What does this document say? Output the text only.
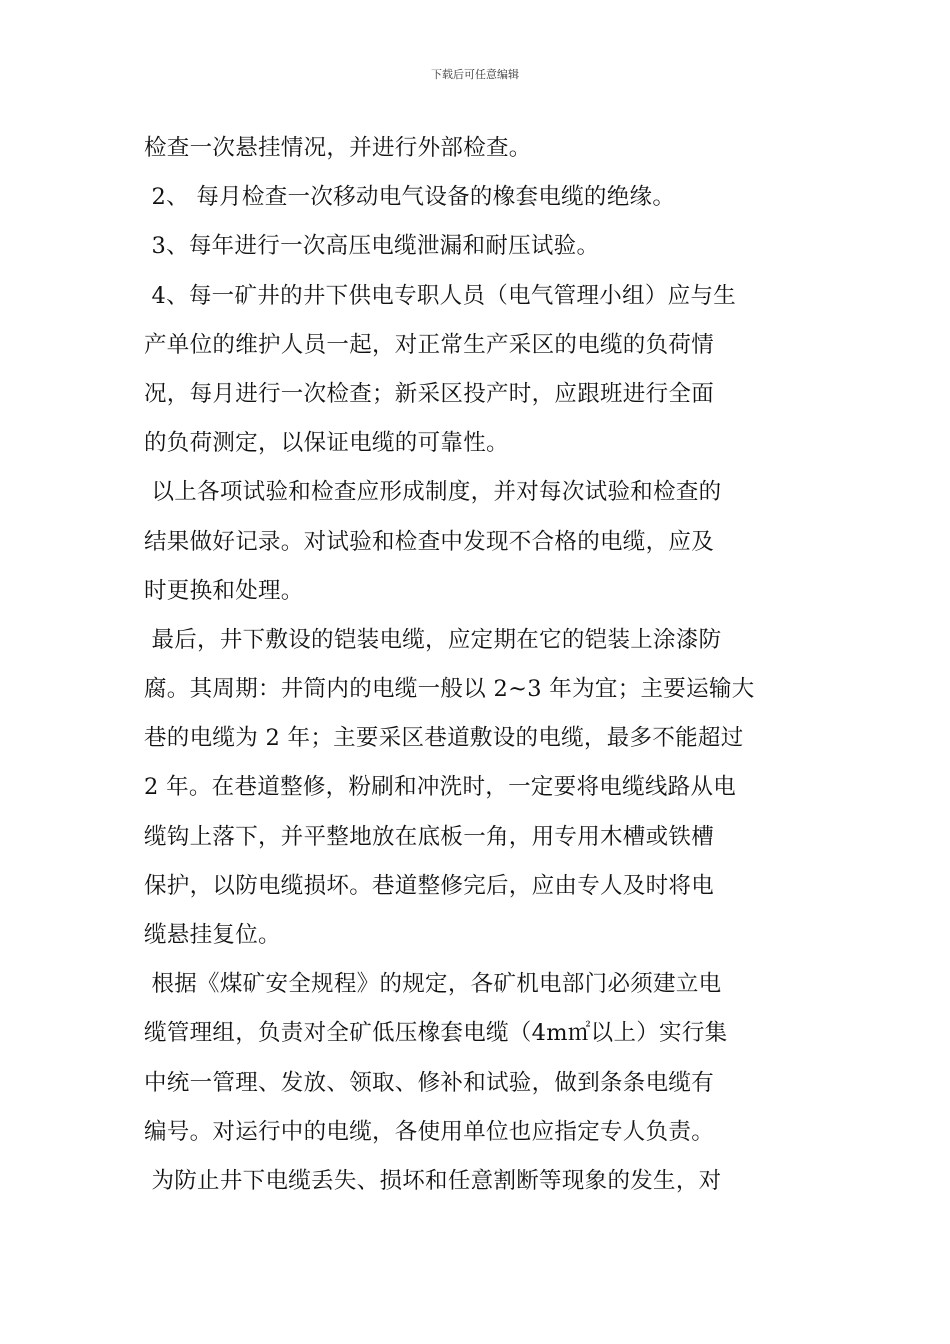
下载后可任意编辑
检查一次悬挂情况，并进行外部检查。
2、 每月检查一次移动电气设备的橡套电缆的绝缘。
3、每年进行一次高压电缆泄漏和耐压试验。
4、每一矿井的井下供电专职人员（电气管理小组）应与生
产单位的维护人员一起，对正常生产采区的电缆的负荷情
况，每月进行一次检查；新采区投产时，应跟班进行全面
的负荷测定，以保证电缆的可靠性。
以上各项试验和检查应形成制度，并对每次试验和检查的
结果做好记录。对试验和检查中发现不合格的电缆，应及
时更换和处理。
最后，井下敷设的铠装电缆，应定期在它的铠装上涂漆防
腐。其周期：井筒内的电缆一般以 2~3 年为宜；主要运输大
巷的电缆为 2 年；主要采区巷道敷设的电缆，最多不能超过
2 年。在巷道整修，粉刷和冲洗时，一定要将电缆线路从电
缆钩上落下，并平整地放在底板一角，用专用木槽或铁槽
保护，以防电缆损坏。巷道整修完后，应由专人及时将电
缆悬挂复位。
根据《煤矿安全规程》的规定，各矿机电部门必须建立电
缆管理组，负责对全矿低压橡套电缆（4m㎡以上）实行集
中统一管理、发放、领取、修补和试验，做到条条电缆有
编号。对运行中的电缆，各使用单位也应指定专人负责。
为防止井下电缆丢失、损坏和任意割断等现象的发生，对
